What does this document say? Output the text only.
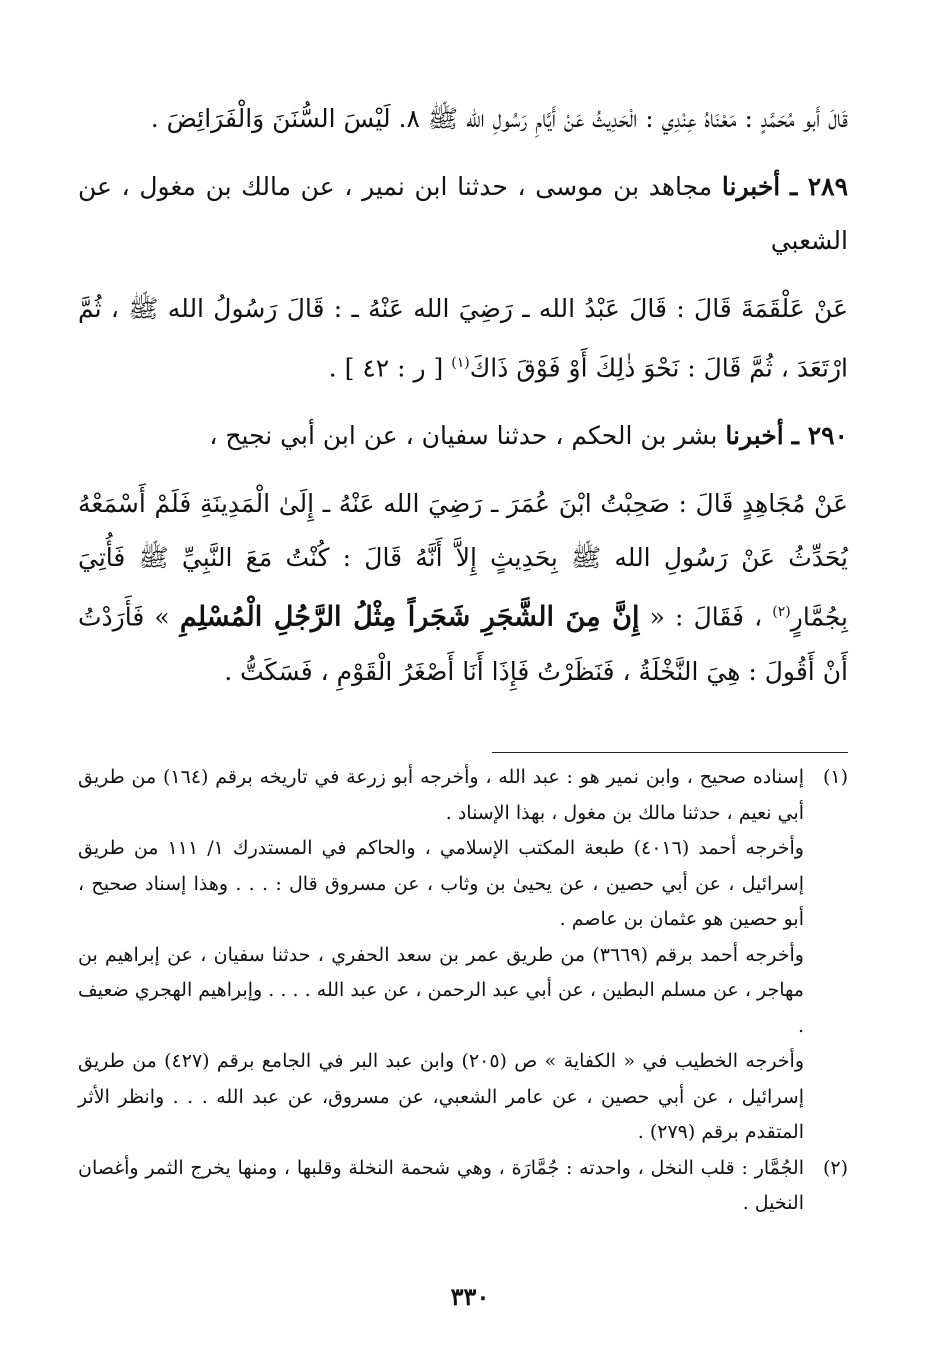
قَالَ أَبو مُحَمَّدٍ : مَعْنَاهُ عِنْدِي : الْحَدِيثُ عَنْ أَيَّامِ رَسُولِ الله ﷺ ٨. لَيْسَ السُّنَنَ وَالْفَرَائِضَ .

٢٨٩ ـ أخبرنا مجاهد بن موسى ، حدثنا ابن نمير ، عن مالك بن مغول ، عن الشعبي

عَنْ عَلْقَمَةَ قَالَ : قَالَ عَبْدُ الله ـ رَضِيَ الله عَنْهُ ـ : قَالَ رَسُولُ الله ﷺ ، ثُمَّ ارْتَعَدَ ، ثُمَّ قَالَ : نَحْوَ ذٰلِكَ أَوْ فَوْقَ ذَاكَ$^{(١)}$ [ ر : ٤٢ ] .

٢٩٠ ـ أخبرنا بشر بن الحكم ، حدثنا سفيان ، عن ابن أبي نجيح ،

عَنْ مُجَاهِدٍ قَالَ : صَحِبْتُ ابْنَ عُمَرَ ـ رَضِيَ الله عَنْهُ ـ إِلَىٰ الْمَدِينَةِ فَلَمْ أَسْمَعْهُ يُحَدِّثُ عَنْ رَسُولِ الله ﷺ بِحَدِيثٍ إِلاَّ أَنَّهُ قَالَ : كُنْتُ مَعَ النَّبِيِّ ﷺ فَأُتِيَ بِجُمَّارٍ$^{(٢)}$ ، فَقَالَ : « إِنَّ مِنَ الشَّجَرِ شَجَراً مِثْلُ الرَّجُلِ الْمُسْلِمِ » فَأَرَدْتُ أَنْ أَقُولَ : هِيَ النَّخْلَةُ ، فَنَظَرْتُ فَإِذَا أَنَا أَصْغَرُ الْقَوْمِ ، فَسَكَتُّ .

(١)

إسناده صحيح ، وابن نمير هو : عبد الله ، وأخرجه أبو زرعة في تاريخه برقم (١٦٤) من طريق أبي نعيم ، حدثنا مالك بن مغول ، بهذا الإسناد .

وأخرجه أحمد (٤٠١٦) طبعة المكتب الإسلامي ، والحاكم في المستدرك ١/ ١١١ من طريق إسرائيل ، عن أبي حصين ، عن يحيىٰ بن وثاب ، عن مسروق قال : . . . وهذا إسناد صحيح ، أبو حصين هو عثمان بن عاصم .

وأخرجه أحمد برقم (٣٦٦٩) من طريق عمر بن سعد الحفري ، حدثنا سفيان ، عن إبراهيم بن مهاجر ، عن مسلم البطين ، عن أبي عبد الرحمن ، عن عبد الله . . . . وإبراهيم الهجري ضعيف .

وأخرجه الخطيب في « الكفاية » ص (٢٠٥) وابن عبد البر في الجامع برقم (٤٢٧) من طريق إسرائيل ، عن أبي حصين ، عن عامر الشعبي، عن مسروق، عن عبد الله . . . وانظر الأثر المتقدم برقم (٢٧٩) .

(٢)

الجُمَّار : قلب النخل ، واحدته : جُمَّارَة ، وهي شحمة النخلة وقلبها ، ومنها يخرج الثمر وأغصان النخيل .

٣٣٠
